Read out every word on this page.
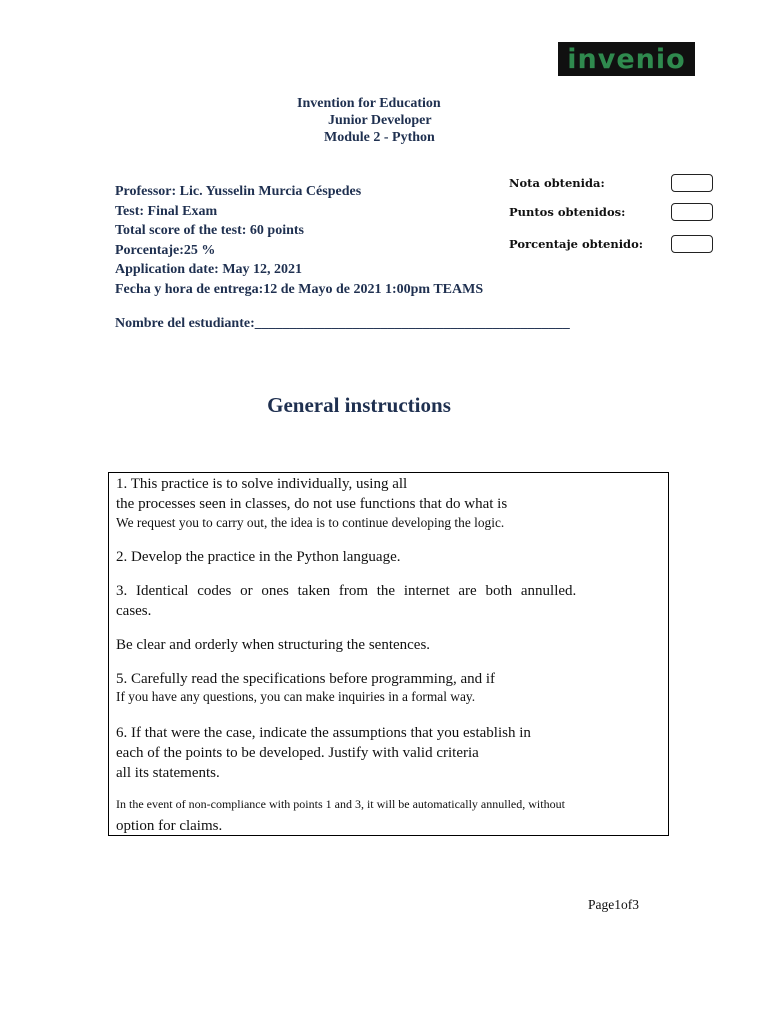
invenio
Invention for Education
Junior Developer
Module 2 - Python
Professor: Lic. Yusselin Murcia Céspedes
Test: Final Exam
Total score of the test: 60 points
Porcentaje:25 %
Application date: May 12, 2021
Fecha y hora de entrega:12 de Mayo de 2021 1:00pm TEAMS
Nombre del estudiante:_____________________________________________
Nota obtenida:
Puntos obtenidos:
Porcentaje obtenido:
General instructions
1. This practice is to solve individually, using all
the processes seen in classes, do not use functions that do what is
We request you to carry out, the idea is to continue developing the logic.
2. Develop the practice in the Python language.
3. Identical codes or ones taken from the internet are both annulled.
cases.
Be clear and orderly when structuring the sentences.
5. Carefully read the specifications before programming, and if
If you have any questions, you can make inquiries in a formal way.
6. If that were the case, indicate the assumptions that you establish in
each of the points to be developed. Justify with valid criteria
all its statements.
In the event of non-compliance with points 1 and 3, it will be automatically annulled, without
option for claims.
Page1of3
